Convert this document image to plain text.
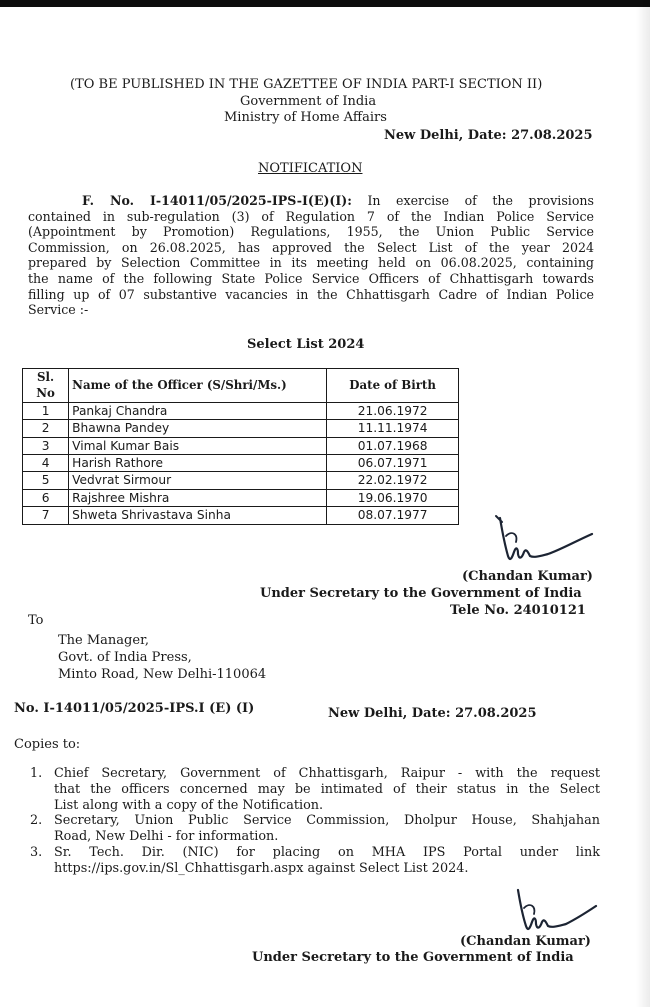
(TO BE PUBLISHED IN THE GAZETTEE OF INDIA PART-I SECTION II)
Government of India
Ministry of Home Affairs
New Delhi, Date: 27.08.2025
NOTIFICATION
F. No. I-14011/05/2025-IPS-I(E)(I): In exercise of the provisions
contained in sub-regulation (3) of Regulation 7 of the Indian Police Service
(Appointment by Promotion) Regulations, 1955, the Union Public Service
Commission, on 26.08.2025, has approved the Select List of the year 2024
prepared by Selection Committee in its meeting held on 06.08.2025, containing
the name of the following State Police Service Officers of Chhattisgarh towards
filling up of 07 substantive vacancies in the Chhattisgarh Cadre of Indian Police
Service :-
Select List 2024
Sl. No	Name of the Officer (S/Shri/Ms.)	Date of Birth
1	Pankaj Chandra	21.06.1972
2	Bhawna Pandey	11.11.1974
3	Vimal Kumar Bais	01.07.1968
4	Harish Rathore	06.07.1971
5	Vedvrat Sirmour	22.02.1972
6	Rajshree Mishra	19.06.1970
7	Shweta Shrivastava Sinha	08.07.1977
(Chandan Kumar)
Under Secretary to the Government of India
Tele No. 24010121
To
The Manager,
Govt. of India Press,
Minto Road, New Delhi-110064
No. I-14011/05/2025-IPS.I (E) (I)	New Delhi, Date: 27.08.2025
Copies to:
1. Chief Secretary, Government of Chhattisgarh, Raipur - with the request
that the officers concerned may be intimated of their status in the Select
List along with a copy of the Notification.
2. Secretary, Union Public Service Commission, Dholpur House, Shahjahan
Road, New Delhi - for information.
3. Sr. Tech. Dir. (NIC) for placing on MHA IPS Portal under link
https://ips.gov.in/Sl_Chhattisgarh.aspx against Select List 2024.
(Chandan Kumar)
Under Secretary to the Government of India
